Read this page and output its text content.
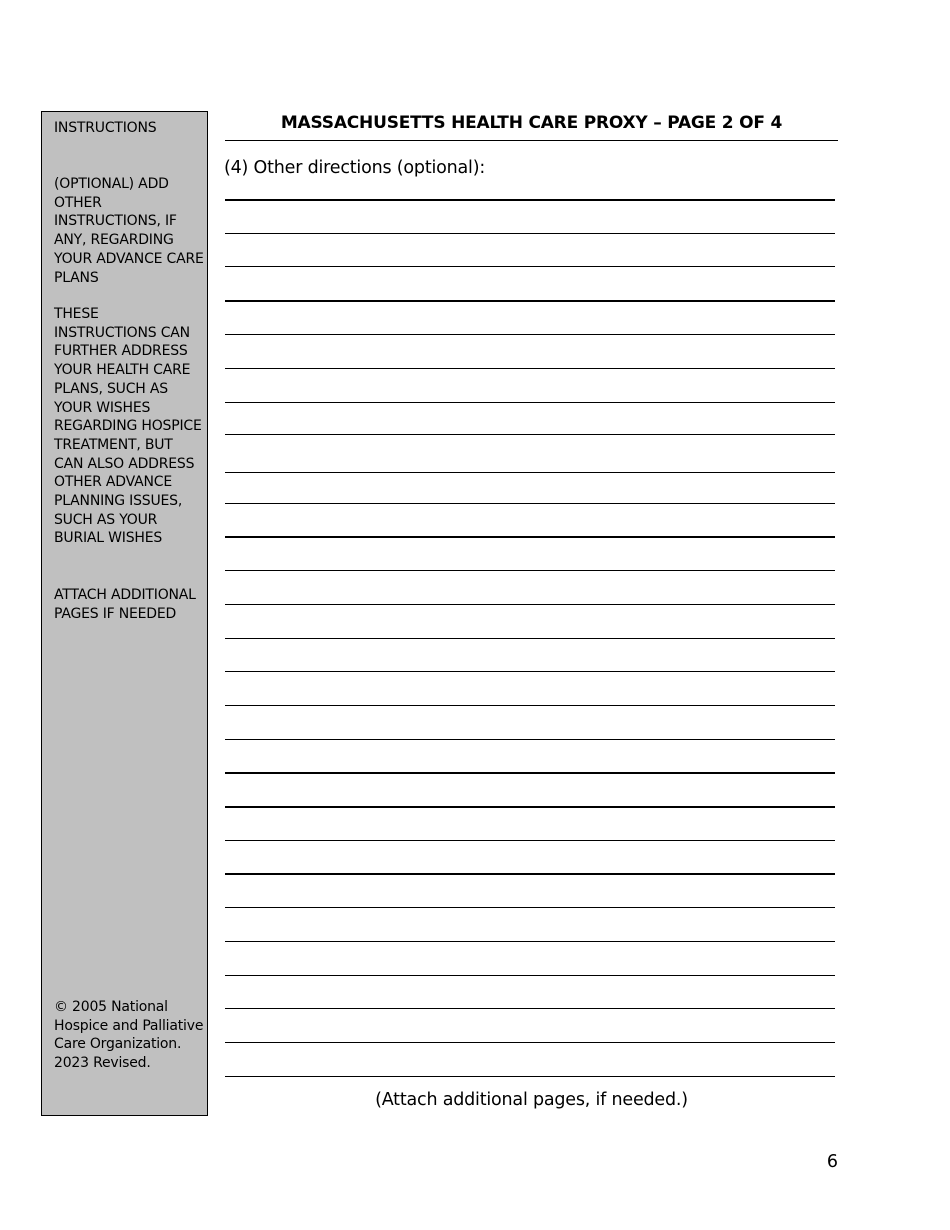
INSTRUCTIONS
(OPTIONAL) ADD OTHER INSTRUCTIONS, IF ANY, REGARDING YOUR ADVANCE CARE PLANS
THESE INSTRUCTIONS CAN FURTHER ADDRESS YOUR HEALTH CARE PLANS, SUCH AS YOUR WISHES REGARDING HOSPICE TREATMENT, BUT CAN ALSO ADDRESS OTHER ADVANCE PLANNING ISSUES, SUCH AS YOUR BURIAL WISHES
ATTACH ADDITIONAL PAGES IF NEEDED
© 2005 National Hospice and Palliative Care Organization. 2023 Revised.
MASSACHUSETTS HEALTH CARE PROXY – PAGE 2 OF 4
(4) Other directions (optional):
(Attach additional pages, if needed.)
6
